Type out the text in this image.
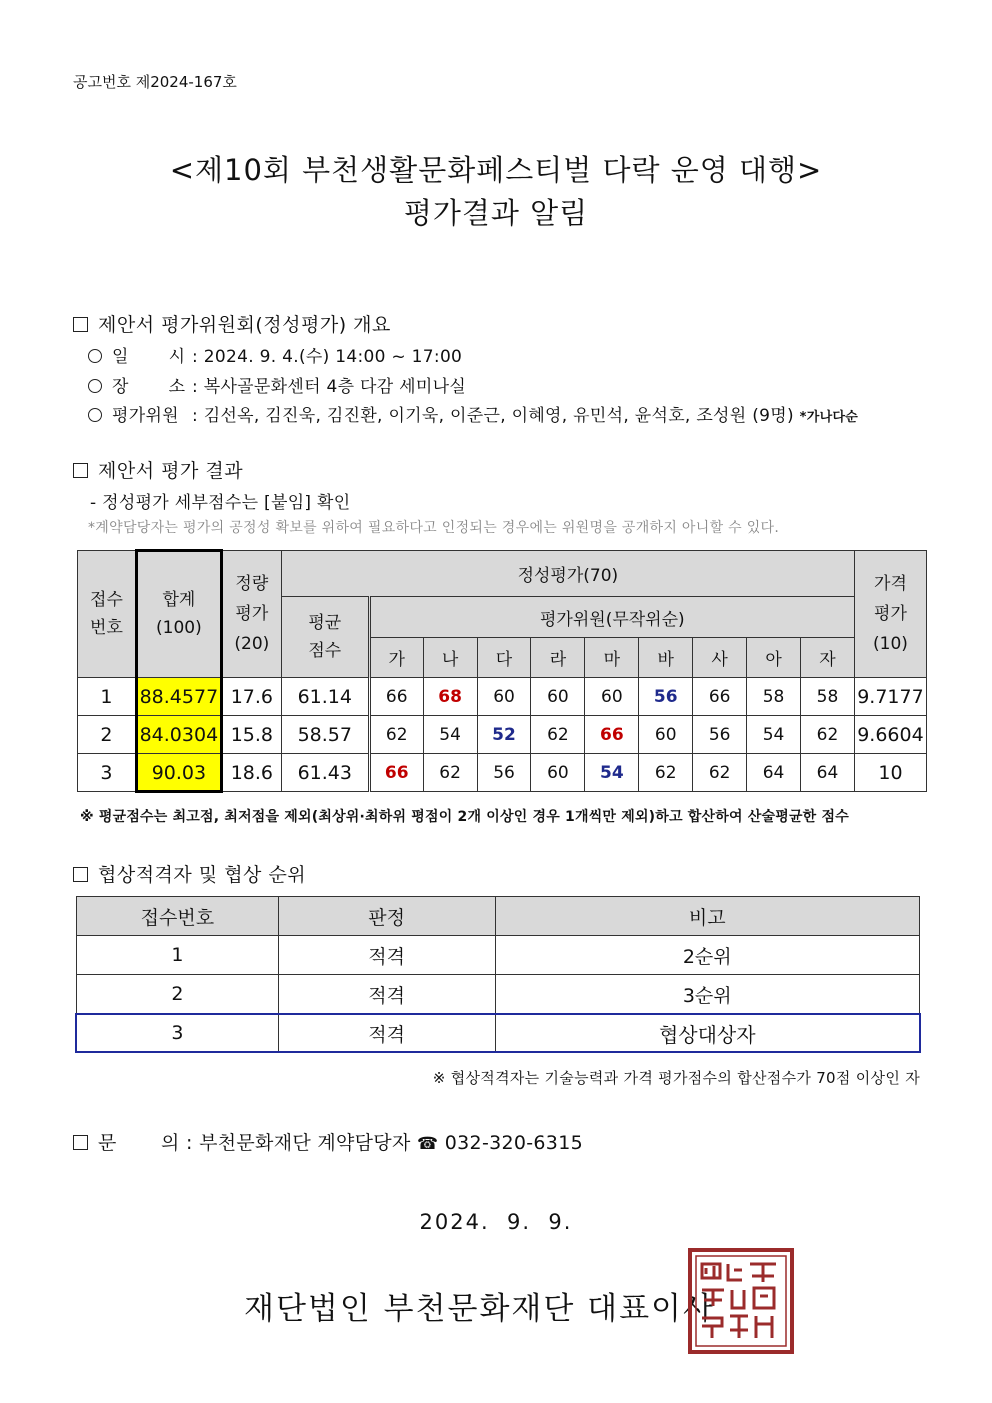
공고번호 제2024-167호
<제10회 부천생활문화페스티벌 다락 운영 대행>
평가결과 알림
제안서 평가위원회(정성평가) 개요
일       시 : 2024. 9. 4.(수) 14:00 ~ 17:00
장       소 : 복사골문화센터 4층 다감 세미나실
평가위원 : 김선옥, 김진욱, 김진환, 이기욱, 이준근, 이혜영, 유민석, 윤석호, 조성원 (9명) *가나다순
제안서 평가 결과
- 정성평가 세부점수는 [붙임] 확인
*계약담당자는 평가의 공정성 확보를 위하여 필요하다고 인정되는 경우에는 위원명을 공개하지 아니할 수 있다.
접수 번호	합계 (100)	정량 평가 (20)	정성평가(70)										가격 평가 (10)
			평균 점수	평가위원(무작위순)									
				가	나	다	라	마	바	사	아	자	
1	88.4577	17.6	61.14	66	68	60	60	60	56	66	58	58	9.7177
2	84.0304	15.8	58.57	62	54	52	62	66	60	56	54	62	9.6604
3	90.03	18.6	61.43	66	62	56	60	54	62	62	64	64	10
※ 평균점수는 최고점, 최저점을 제외(최상위·최하위 평점이 2개 이상인 경우 1개씩만 제외)하고 합산하여 산술평균한 점수
협상적격자 및 협상 순위
접수번호	판정	비고
1	적격	2순위
2	적격	3순위
3	적격	협상대상자
※ 협상적격자는 기술능력과 가격 평가점수의 합산점수가 70점 이상인 자
문       의 : 부천문화재단 계약담당자 ☎ 032-320-6315
2024.  9.  9.
재단법인 부천문화재단 대표이사
